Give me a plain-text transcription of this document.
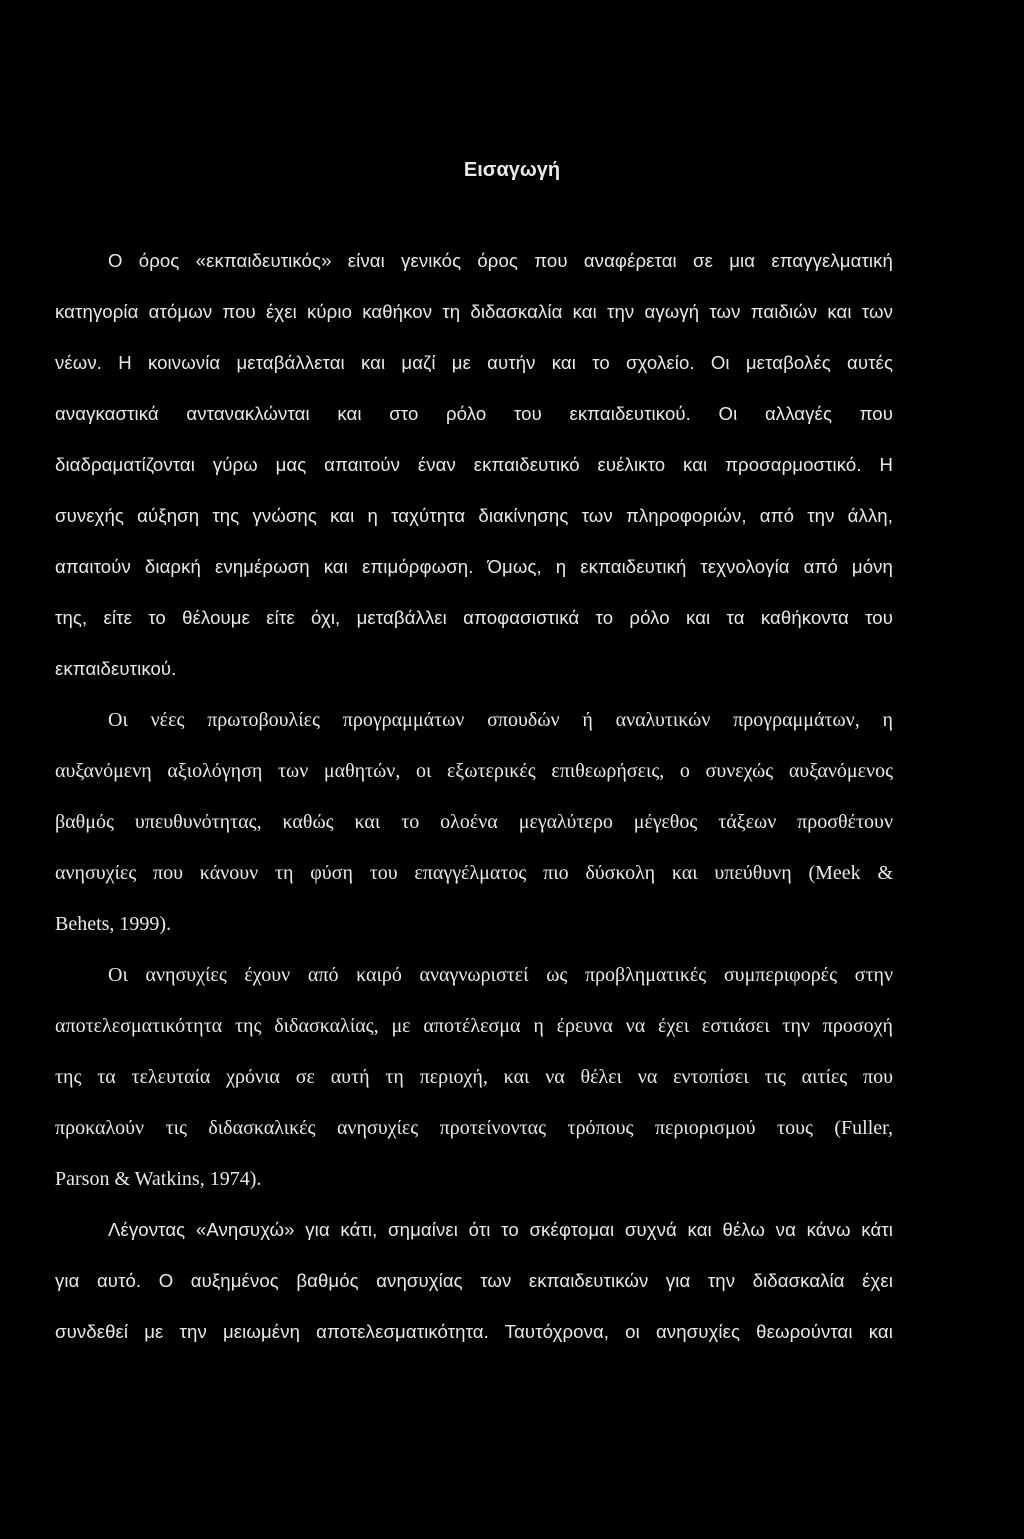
Εισαγωγή

Ο όρος «εκπαιδευτικός» είναι γενικός όρος που αναφέρεται σε μια επαγγελματική

κατηγορία ατόμων που έχει κύριο καθήκον τη διδασκαλία και την αγωγή των παιδιών και των

νέων. Η κοινωνία μεταβάλλεται και μαζί με αυτήν και το σχολείο. Οι μεταβολές αυτές

αναγκαστικά αντανακλώνται και στο ρόλο του εκπαιδευτικού. Οι αλλαγές που

διαδραματίζονται γύρω μας απαιτούν έναν εκπαιδευτικό ευέλικτο και προσαρμοστικό. Η

συνεχής αύξηση της γνώσης και η ταχύτητα διακίνησης των πληροφοριών, από την άλλη,

απαιτούν διαρκή ενημέρωση και επιμόρφωση. Όμως, η εκπαιδευτική τεχνολογία από μόνη

της, είτε το θέλουμε είτε όχι, μεταβάλλει αποφασιστικά το ρόλο και τα καθήκοντα του

εκπαιδευτικού.

Οι νέες πρωτοβουλίες προγραμμάτων σπουδών ή αναλυτικών προγραμμάτων, η

αυξανόμενη αξιολόγηση των μαθητών, οι εξωτερικές επιθεωρήσεις, ο συνεχώς αυξανόμενος

βαθμός υπευθυνότητας, καθώς και το ολοένα μεγαλύτερο μέγεθος τάξεων προσθέτουν

ανησυχίες που κάνουν τη φύση του επαγγέλματος πιο δύσκολη και υπεύθυνη (Meek &

Behets, 1999).

Οι ανησυχίες έχουν από καιρό αναγνωριστεί ως προβληματικές συμπεριφορές στην

αποτελεσματικότητα της διδασκαλίας, με αποτέλεσμα η έρευνα να έχει εστιάσει την προσοχή

της τα τελευταία χρόνια σε αυτή τη περιοχή, και να θέλει να εντοπίσει τις αιτίες που

προκαλούν τις διδασκαλικές ανησυχίες προτείνοντας τρόπους περιορισμού τους (Fuller,

Parson & Watkins, 1974).

Λέγοντας «Ανησυχώ» για κάτι, σημαίνει ότι το σκέφτομαι συχνά και θέλω να κάνω κάτι

για αυτό. Ο αυξημένος βαθμός ανησυχίας των εκπαιδευτικών για την διδασκαλία έχει

συνδεθεί με την μειωμένη αποτελεσματικότητα. Ταυτόχρονα, οι ανησυχίες θεωρούνται και
